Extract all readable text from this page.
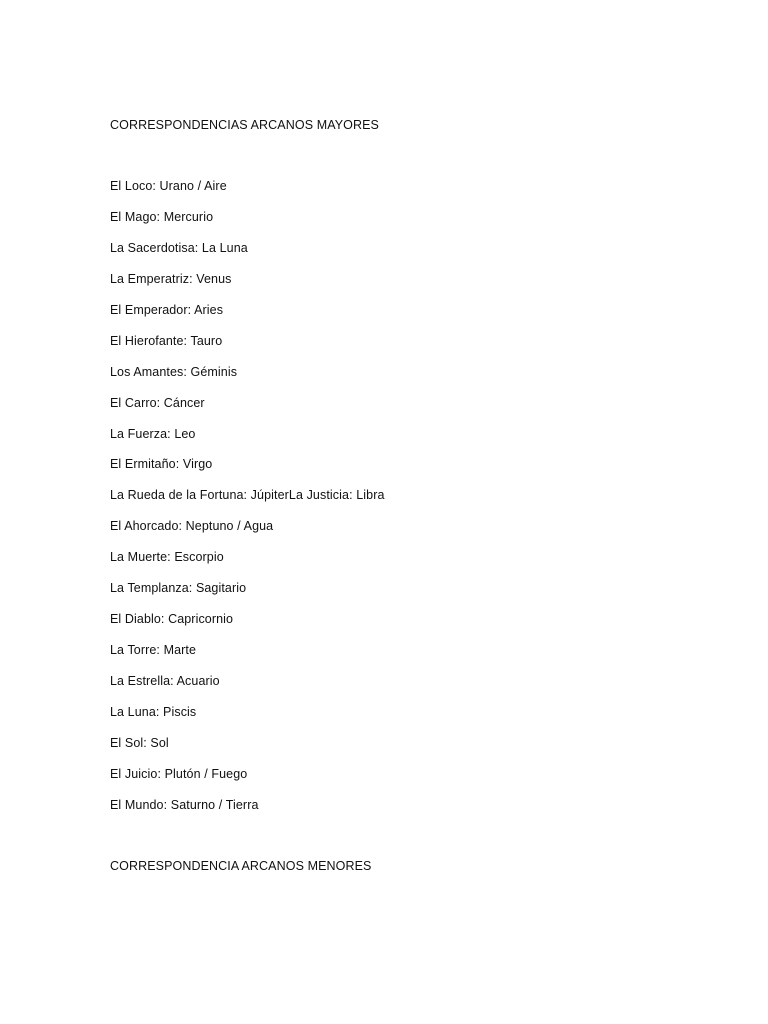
CORRESPONDENCIAS ARCANOS MAYORES
El Loco: Urano / Aire
El Mago: Mercurio
La Sacerdotisa: La Luna
La Emperatriz: Venus
El Emperador: Aries
El Hierofante: Tauro
Los Amantes: Géminis
El Carro: Cáncer
La Fuerza: Leo
El Ermitaño: Virgo
La Rueda de la Fortuna: JúpiterLa Justicia: Libra
El Ahorcado: Neptuno / Agua
La Muerte: Escorpio
La Templanza: Sagitario
El Diablo: Capricornio
La Torre: Marte
La Estrella: Acuario
La Luna: Piscis
El Sol: Sol
El Juicio: Plutón / Fuego
El Mundo: Saturno / Tierra
CORRESPONDENCIA ARCANOS MENORES
